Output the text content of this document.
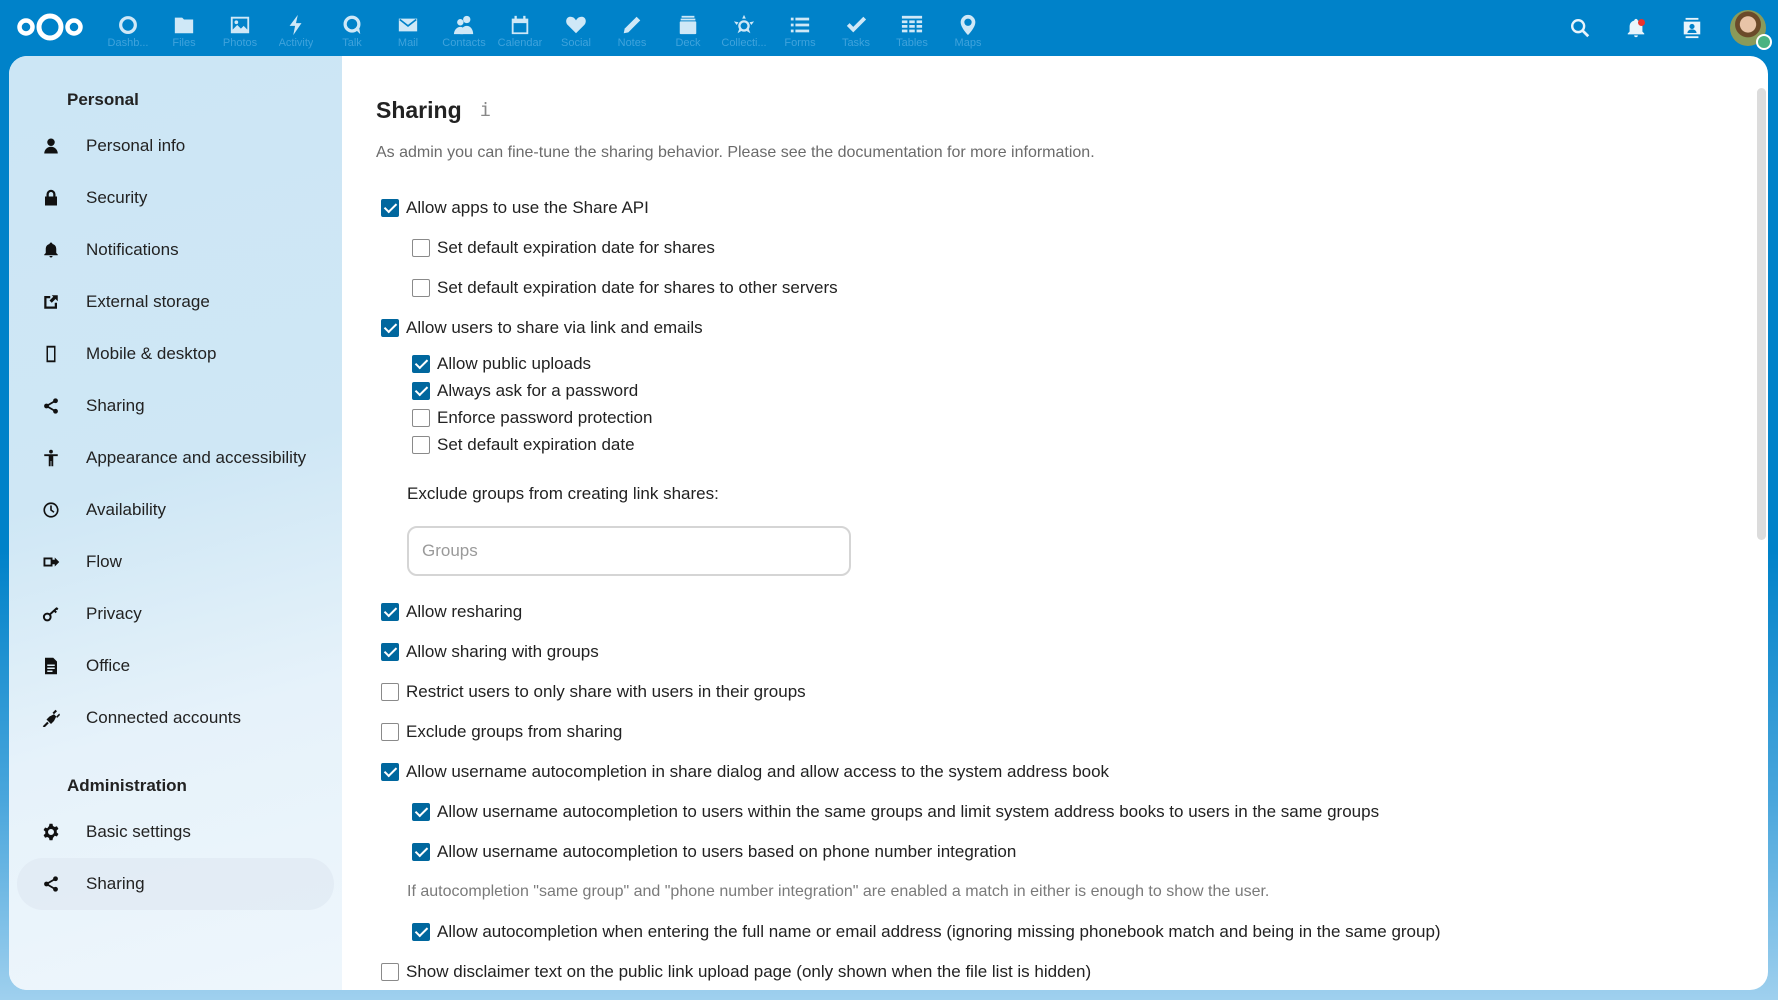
Dashb... Files Photos Activity	Talk	Mail Contacts Calendar Social Notes	Deck Collecti... Forms Tasks Tables Maps
Personal
Personal info
Security
Notifications
External storage
Mobile & desktop
Sharing
Appearance and accessibility
Availability
Flow
Privacy
Office
Connected accounts
Administration
Basic settings
Sharing
Sharing i

As admin you can fine-tune the sharing behavior. Please see the documentation for more information.

Allow apps to use the Share API
Set default expiration date for shares
Set default expiration date for shares to other servers
Allow users to share via link and emails
Allow public uploads
Always ask for a password
Enforce password protection
Set default expiration date
Exclude groups from creating link shares:
Groups
Allow resharing
Allow sharing with groups
Restrict users to only share with users in their groups
Exclude groups from sharing
Allow username autocompletion in share dialog and allow access to the system address book
Allow username autocompletion to users within the same groups and limit system address books to users in the same groups
Allow username autocompletion to users based on phone number integration

If autocompletion "same group" and "phone number integration" are enabled a match in either is enough to show the user.

Allow autocompletion when entering the full name or email address (ignoring missing phonebook match and being in the same group)
Show disclaimer text on the public link upload page (only shown when the file list is hidden)
